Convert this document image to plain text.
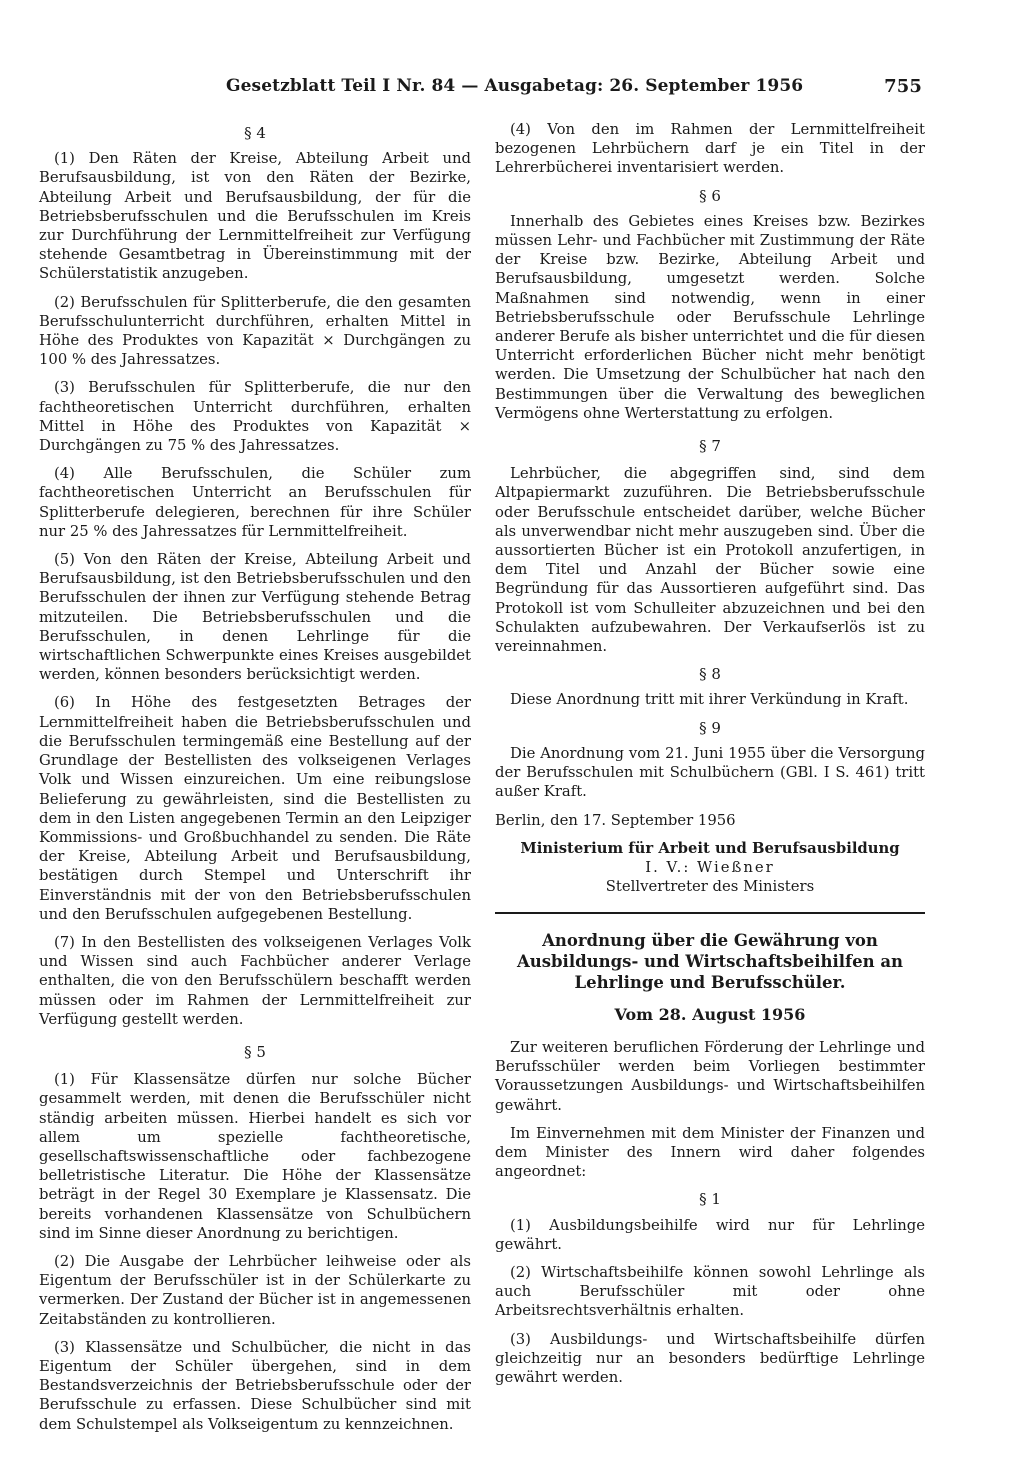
Gesetzblatt Teil I Nr. 84 — Ausgabetag: 26. September 1956	755
§ 4

(1) Den Räten der Kreise, Abteilung Arbeit und Berufsausbildung, ist von den Räten der Bezirke, Abteilung Arbeit und Berufsausbildung, der für die Betriebsberufsschulen und die Berufsschulen im Kreis zur Durchführung der Lernmittelfreiheit zur Verfügung stehende Gesamtbetrag in Übereinstimmung mit der Schülerstatistik anzugeben.

(2) Berufsschulen für Splitterberufe, die den gesamten Berufsschulunterricht durchführen, erhalten Mittel in Höhe des Produktes von Kapazität × Durchgängen zu 100 % des Jahressatzes.

(3) Berufsschulen für Splitterberufe, die nur den fachtheoretischen Unterricht durchführen, erhalten Mittel in Höhe des Produktes von Kapazität × Durchgängen zu 75 % des Jahressatzes.

(4) Alle Berufsschulen, die Schüler zum fachtheoretischen Unterricht an Berufsschulen für Splitterberufe delegieren, berechnen für ihre Schüler nur 25 % des Jahressatzes für Lernmittelfreiheit.

(5) Von den Räten der Kreise, Abteilung Arbeit und Berufsausbildung, ist den Betriebsberufsschulen und den Berufsschulen der ihnen zur Verfügung stehende Betrag mitzuteilen. Die Betriebsberufsschulen und die Berufsschulen, in denen Lehrlinge für die wirtschaftlichen Schwerpunkte eines Kreises ausgebildet werden, können besonders berücksichtigt werden.

(6) In Höhe des festgesetzten Betrages der Lernmittelfreiheit haben die Betriebsberufsschulen und die Berufsschulen termingemäß eine Bestellung auf der Grundlage der Bestellisten des volkseigenen Verlages Volk und Wissen einzureichen. Um eine reibungslose Belieferung zu gewährleisten, sind die Bestellisten zu dem in den Listen angegebenen Termin an den Leipziger Kommissions- und Großbuchhandel zu senden. Die Räte der Kreise, Abteilung Arbeit und Berufsausbildung, bestätigen durch Stempel und Unterschrift ihr Einverständnis mit der von den Betriebsberufsschulen und den Berufsschulen aufgegebenen Bestellung.

(7) In den Bestellisten des volkseigenen Verlages Volk und Wissen sind auch Fachbücher anderer Verlage enthalten, die von den Berufsschülern beschafft werden müssen oder im Rahmen der Lernmittelfreiheit zur Verfügung gestellt werden.

§ 5

(1) Für Klassensätze dürfen nur solche Bücher gesammelt werden, mit denen die Berufsschüler nicht ständig arbeiten müssen. Hierbei handelt es sich vor allem um spezielle fachtheoretische, gesellschaftswissenschaftliche oder fachbezogene belletristische Literatur. Die Höhe der Klassensätze beträgt in der Regel 30 Exemplare je Klassensatz. Die bereits vorhandenen Klassensätze von Schulbüchern sind im Sinne dieser Anordnung zu berichtigen.

(2) Die Ausgabe der Lehrbücher leihweise oder als Eigentum der Berufsschüler ist in der Schülerkarte zu vermerken. Der Zustand der Bücher ist in angemessenen Zeitabständen zu kontrollieren.

(3) Klassensätze und Schulbücher, die nicht in das Eigentum der Schüler übergehen, sind in dem Bestandsverzeichnis der Betriebsberufsschule oder der Berufsschule zu erfassen. Diese Schulbücher sind mit dem Schulstempel als Volkseigentum zu kennzeichnen.

(4) Von den im Rahmen der Lernmittelfreiheit bezogenen Lehrbüchern darf je ein Titel in der Lehrerbücherei inventarisiert werden.

§ 6

Innerhalb des Gebietes eines Kreises bzw. Bezirkes müssen Lehr- und Fachbücher mit Zustimmung der Räte der Kreise bzw. Bezirke, Abteilung Arbeit und Berufsausbildung, umgesetzt werden. Solche Maßnahmen sind notwendig, wenn in einer Betriebsberufsschule oder Berufsschule Lehrlinge anderer Berufe als bisher unterrichtet und die für diesen Unterricht erforderlichen Bücher nicht mehr benötigt werden. Die Umsetzung der Schulbücher hat nach den Bestimmungen über die Verwaltung des beweglichen Vermögens ohne Werterstattung zu erfolgen.

§ 7

Lehrbücher, die abgegriffen sind, sind dem Altpapiermarkt zuzuführen. Die Betriebsberufsschule oder Berufsschule entscheidet darüber, welche Bücher als unverwendbar nicht mehr auszugeben sind. Über die aussortierten Bücher ist ein Protokoll anzufertigen, in dem Titel und Anzahl der Bücher sowie eine Begründung für das Aussortieren aufgeführt sind. Das Protokoll ist vom Schulleiter abzuzeichnen und bei den Schulakten aufzubewahren. Der Verkaufserlös ist zu vereinnahmen.

§ 8

Diese Anordnung tritt mit ihrer Verkündung in Kraft.

§ 9

Die Anordnung vom 21. Juni 1955 über die Versorgung der Berufsschulen mit Schulbüchern (GBl. I S. 461) tritt außer Kraft.

Berlin, den 17. September 1956

Ministerium für Arbeit und Berufsausbildung
I. V.: Wießner
Stellvertreter des Ministers
Anordnung über die Gewährung von Ausbildungs- und Wirtschaftsbeihilfen an Lehrlinge und Berufsschüler.
Vom 28. August 1956

Zur weiteren beruflichen Förderung der Lehrlinge und Berufsschüler werden beim Vorliegen bestimmter Voraussetzungen Ausbildungs- und Wirtschaftsbeihilfen gewährt.

Im Einvernehmen mit dem Minister der Finanzen und dem Minister des Innern wird daher folgendes angeordnet:

§ 1

(1) Ausbildungsbeihilfe wird nur für Lehrlinge gewährt.

(2) Wirtschaftsbeihilfe können sowohl Lehrlinge als auch Berufsschüler mit oder ohne Arbeitsrechtsverhältnis erhalten.

(3) Ausbildungs- und Wirtschaftsbeihilfe dürfen gleichzeitig nur an besonders bedürftige Lehrlinge gewährt werden.
